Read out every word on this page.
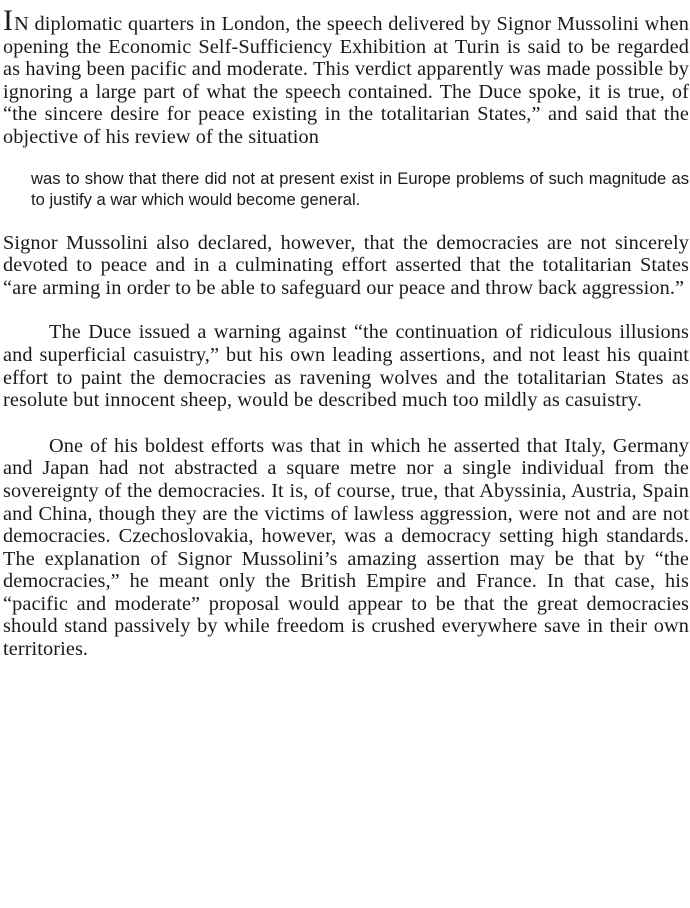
IN diplomatic quarters in London, the speech delivered by Signor Mussolini when opening the Economic Self-Sufficiency Exhibition at Turin is said to be regarded as having been pacific and moderate. This verdict apparently was made possible by ignoring a large part of what the speech contained. The Duce spoke, it is true, of “the sincere desire for peace existing in the totalitarian States,” and said that the objective of his review of the situation

was to show that there did not at present exist in Europe problems of such magnitude as to justify a war which would become general.

Signor Mussolini also declared, however, that the democracies are not sincerely devoted to peace and in a culminating effort asserted that the totalitarian States “are arming in order to be able to safeguard our peace and throw back aggression.”

The Duce issued a warning against “the continuation of ridiculous illusions and superficial casuistry,” but his own leading assertions, and not least his quaint effort to paint the democracies as ravening wolves and the totalitarian States as resolute but innocent sheep, would be described much too mildly as casuistry.

One of his boldest efforts was that in which he asserted that Italy, Germany and Japan had not abstracted a square metre nor a single individual from the sovereignty of the democracies. It is, of course, true, that Abyssinia, Austria, Spain and China, though they are the victims of lawless aggression, were not and are not democracies. Czechoslovakia, however, was a democracy setting high standards. The explanation of Signor Mussolini’s amazing assertion may be that by “the democracies,” he meant only the British Empire and France. In that case, his “pacific and moderate” proposal would appear to be that the great democracies should stand passively by while freedom is crushed everywhere save in their own territories.
